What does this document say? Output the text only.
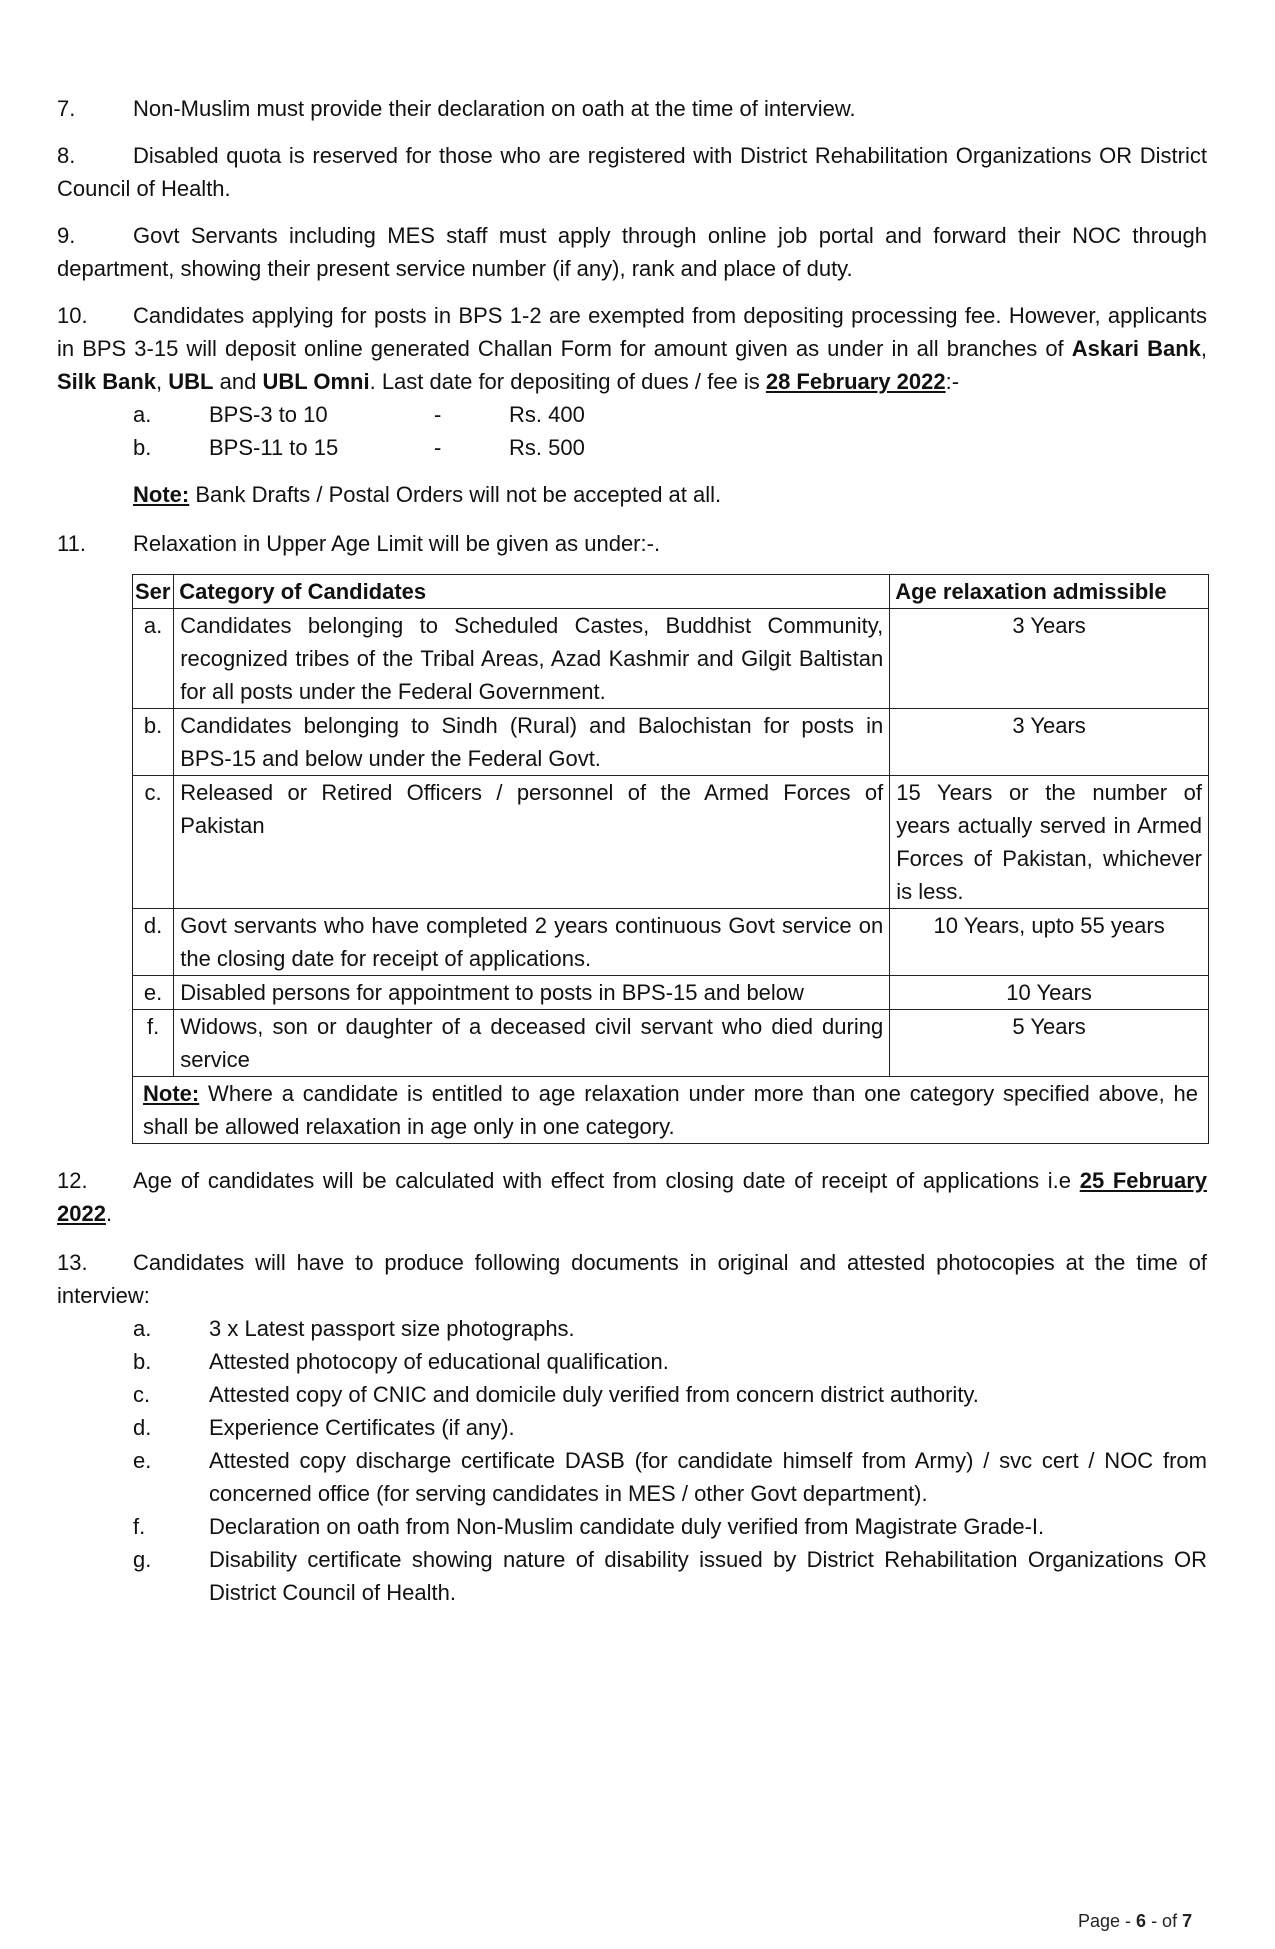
7.	Non-Muslim must provide their declaration on oath at the time of interview.

8.	Disabled quota is reserved for those who are registered with District Rehabilitation Organizations OR District Council of Health.

9.	Govt Servants including MES staff must apply through online job portal and forward their NOC through department, showing their present service number (if any), rank and place of duty.

10. Candidates applying for posts in BPS 1-2 are exempted from depositing processing fee. However, applicants in BPS 3-15 will deposit online generated Challan Form for amount given as under in all branches of Askari Bank, Silk Bank, UBL and UBL Omni. Last date for depositing of dues / fee is 28 February 2022:-

a.	BPS-3 to 10	-	Rs. 400
b.	BPS-11 to 15	-	Rs. 500

Note: Bank Drafts / Postal Orders will not be accepted at all.

11. Relaxation in Upper Age Limit will be given as under:-.

Ser	Category of Candidates	Age relaxation admissible
a.	Candidates belonging to Scheduled Castes, Buddhist Community, recognized tribes of the Tribal Areas, Azad Kashmir and Gilgit Baltistan for all posts under the Federal Government.	3 Years
b.	Candidates belonging to Sindh (Rural) and Balochistan for posts in BPS-15 and below under the Federal Govt.	3 Years
c.	Released or Retired Officers / personnel of the Armed Forces of Pakistan	15 Years or the number of years actually served in Armed Forces of Pakistan, whichever is less.
d.	Govt servants who have completed 2 years continuous Govt service on the closing date for receipt of applications.	10 Years, upto 55 years
e.	Disabled persons for appointment to posts in BPS-15 and below	10 Years
f.	Widows, son or daughter of a deceased civil servant who died during service	5 Years
Note: Where a candidate is entitled to age relaxation under more than one category specified above, he shall be allowed relaxation in age only in one category.		

12. Age of candidates will be calculated with effect from closing date of receipt of applications i.e 25 February 2022.

13. Candidates will have to produce following documents in original and attested photocopies at the time of interview:

a.	3 x Latest passport size photographs.
b.	Attested photocopy of educational qualification.
c.	Attested copy of CNIC and domicile duly verified from concern district authority.
d.	Experience Certificates (if any).
e.	Attested copy discharge certificate DASB (for candidate himself from Army) / svc cert / NOC from concerned office (for serving candidates in MES / other Govt department).
f.	Declaration on oath from Non-Muslim candidate duly verified from Magistrate Grade-I.
g.	Disability certificate showing nature of disability issued by District Rehabilitation Organizations OR District Council of Health.
Page - 6 - of 7
